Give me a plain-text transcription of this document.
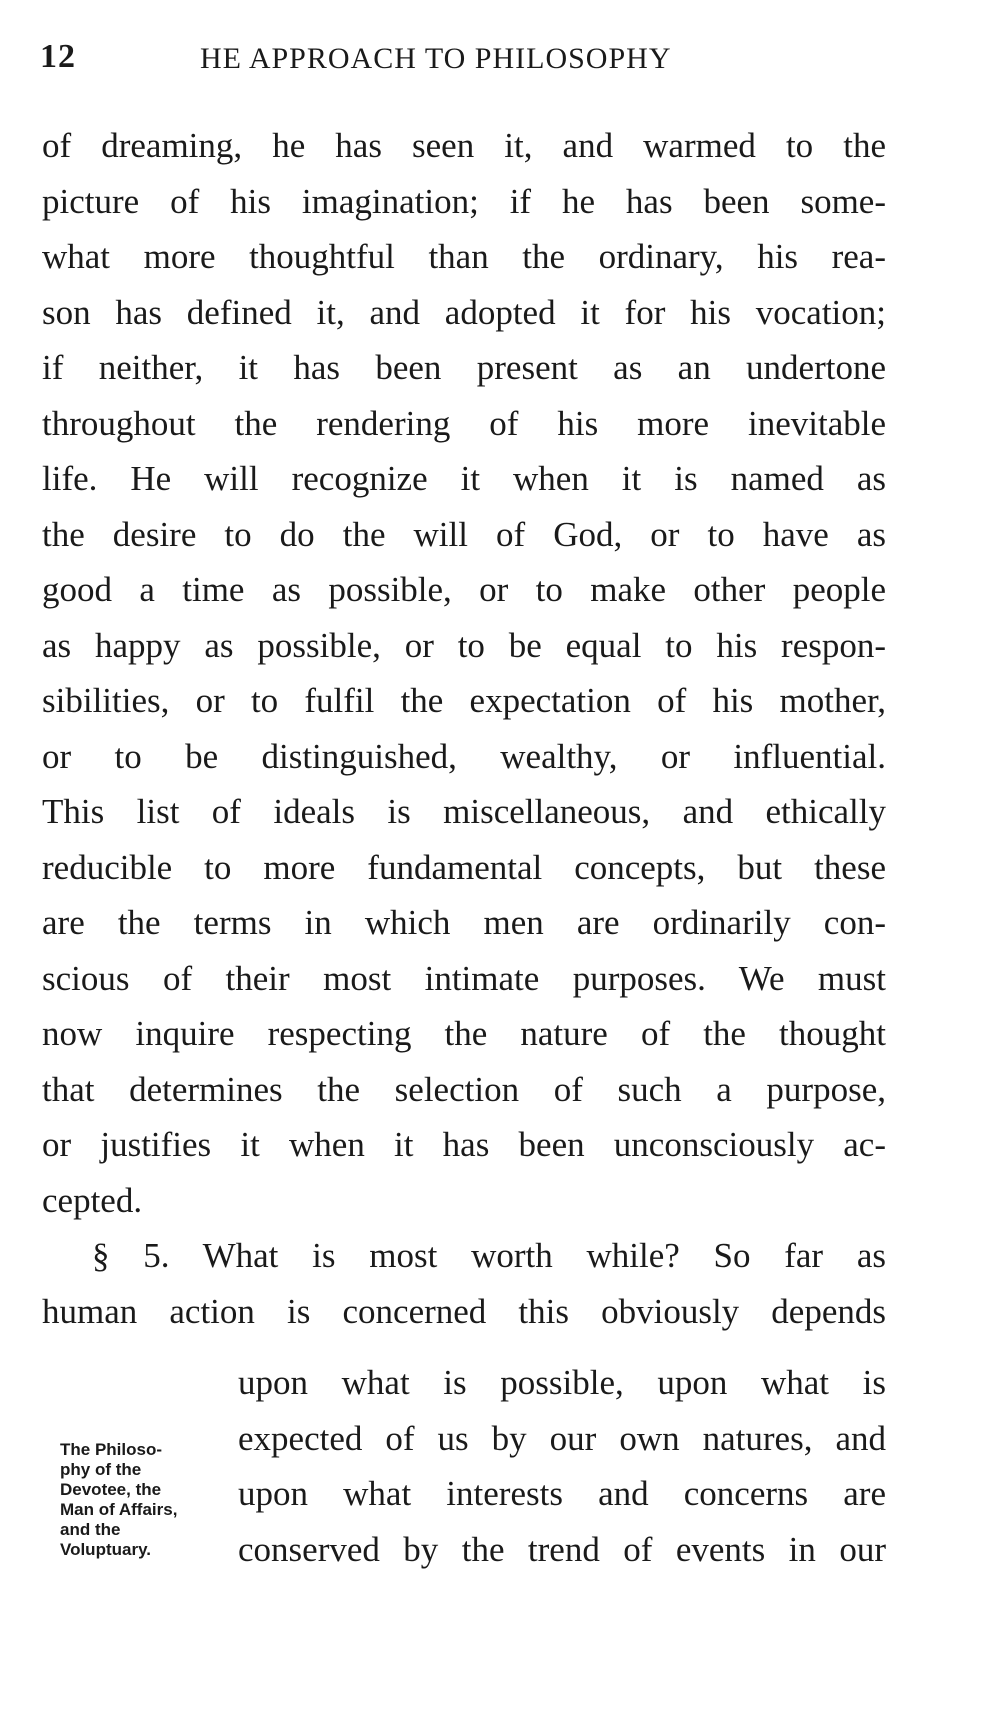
12	HE APPROACH TO PHILOSOPHY
of dreaming, he has seen it, and warmed to the
picture of his imagination; if he has been some-
what more thoughtful than the ordinary, his rea-
son has defined it, and adopted it for his vocation;
if neither, it has been present as an undertone
throughout the rendering of his more inevitable
life. He will recognize it when it is named as
the desire to do the will of God, or to have as
good a time as possible, or to make other people
as happy as possible, or to be equal to his respon-
sibilities, or to fulfil the expectation of his mother,
or to be distinguished, wealthy, or influential.
This list of ideals is miscellaneous, and ethically
reducible to more fundamental concepts, but these
are the terms in which men are ordinarily con-
scious of their most intimate purposes. We must
now inquire respecting the nature of the thought
that determines the selection of such a purpose,
or justifies it when it has been unconsciously ac-
cepted.
§ 5. What is most worth while? So far as
human action is concerned this obviously depends
The Philoso-
phy of the
Devotee, the
Man of Affairs,
and the
Voluptuary.
upon what is possible, upon what is
expected of us by our own natures, and
upon what interests and concerns are
conserved by the trend of events in our
